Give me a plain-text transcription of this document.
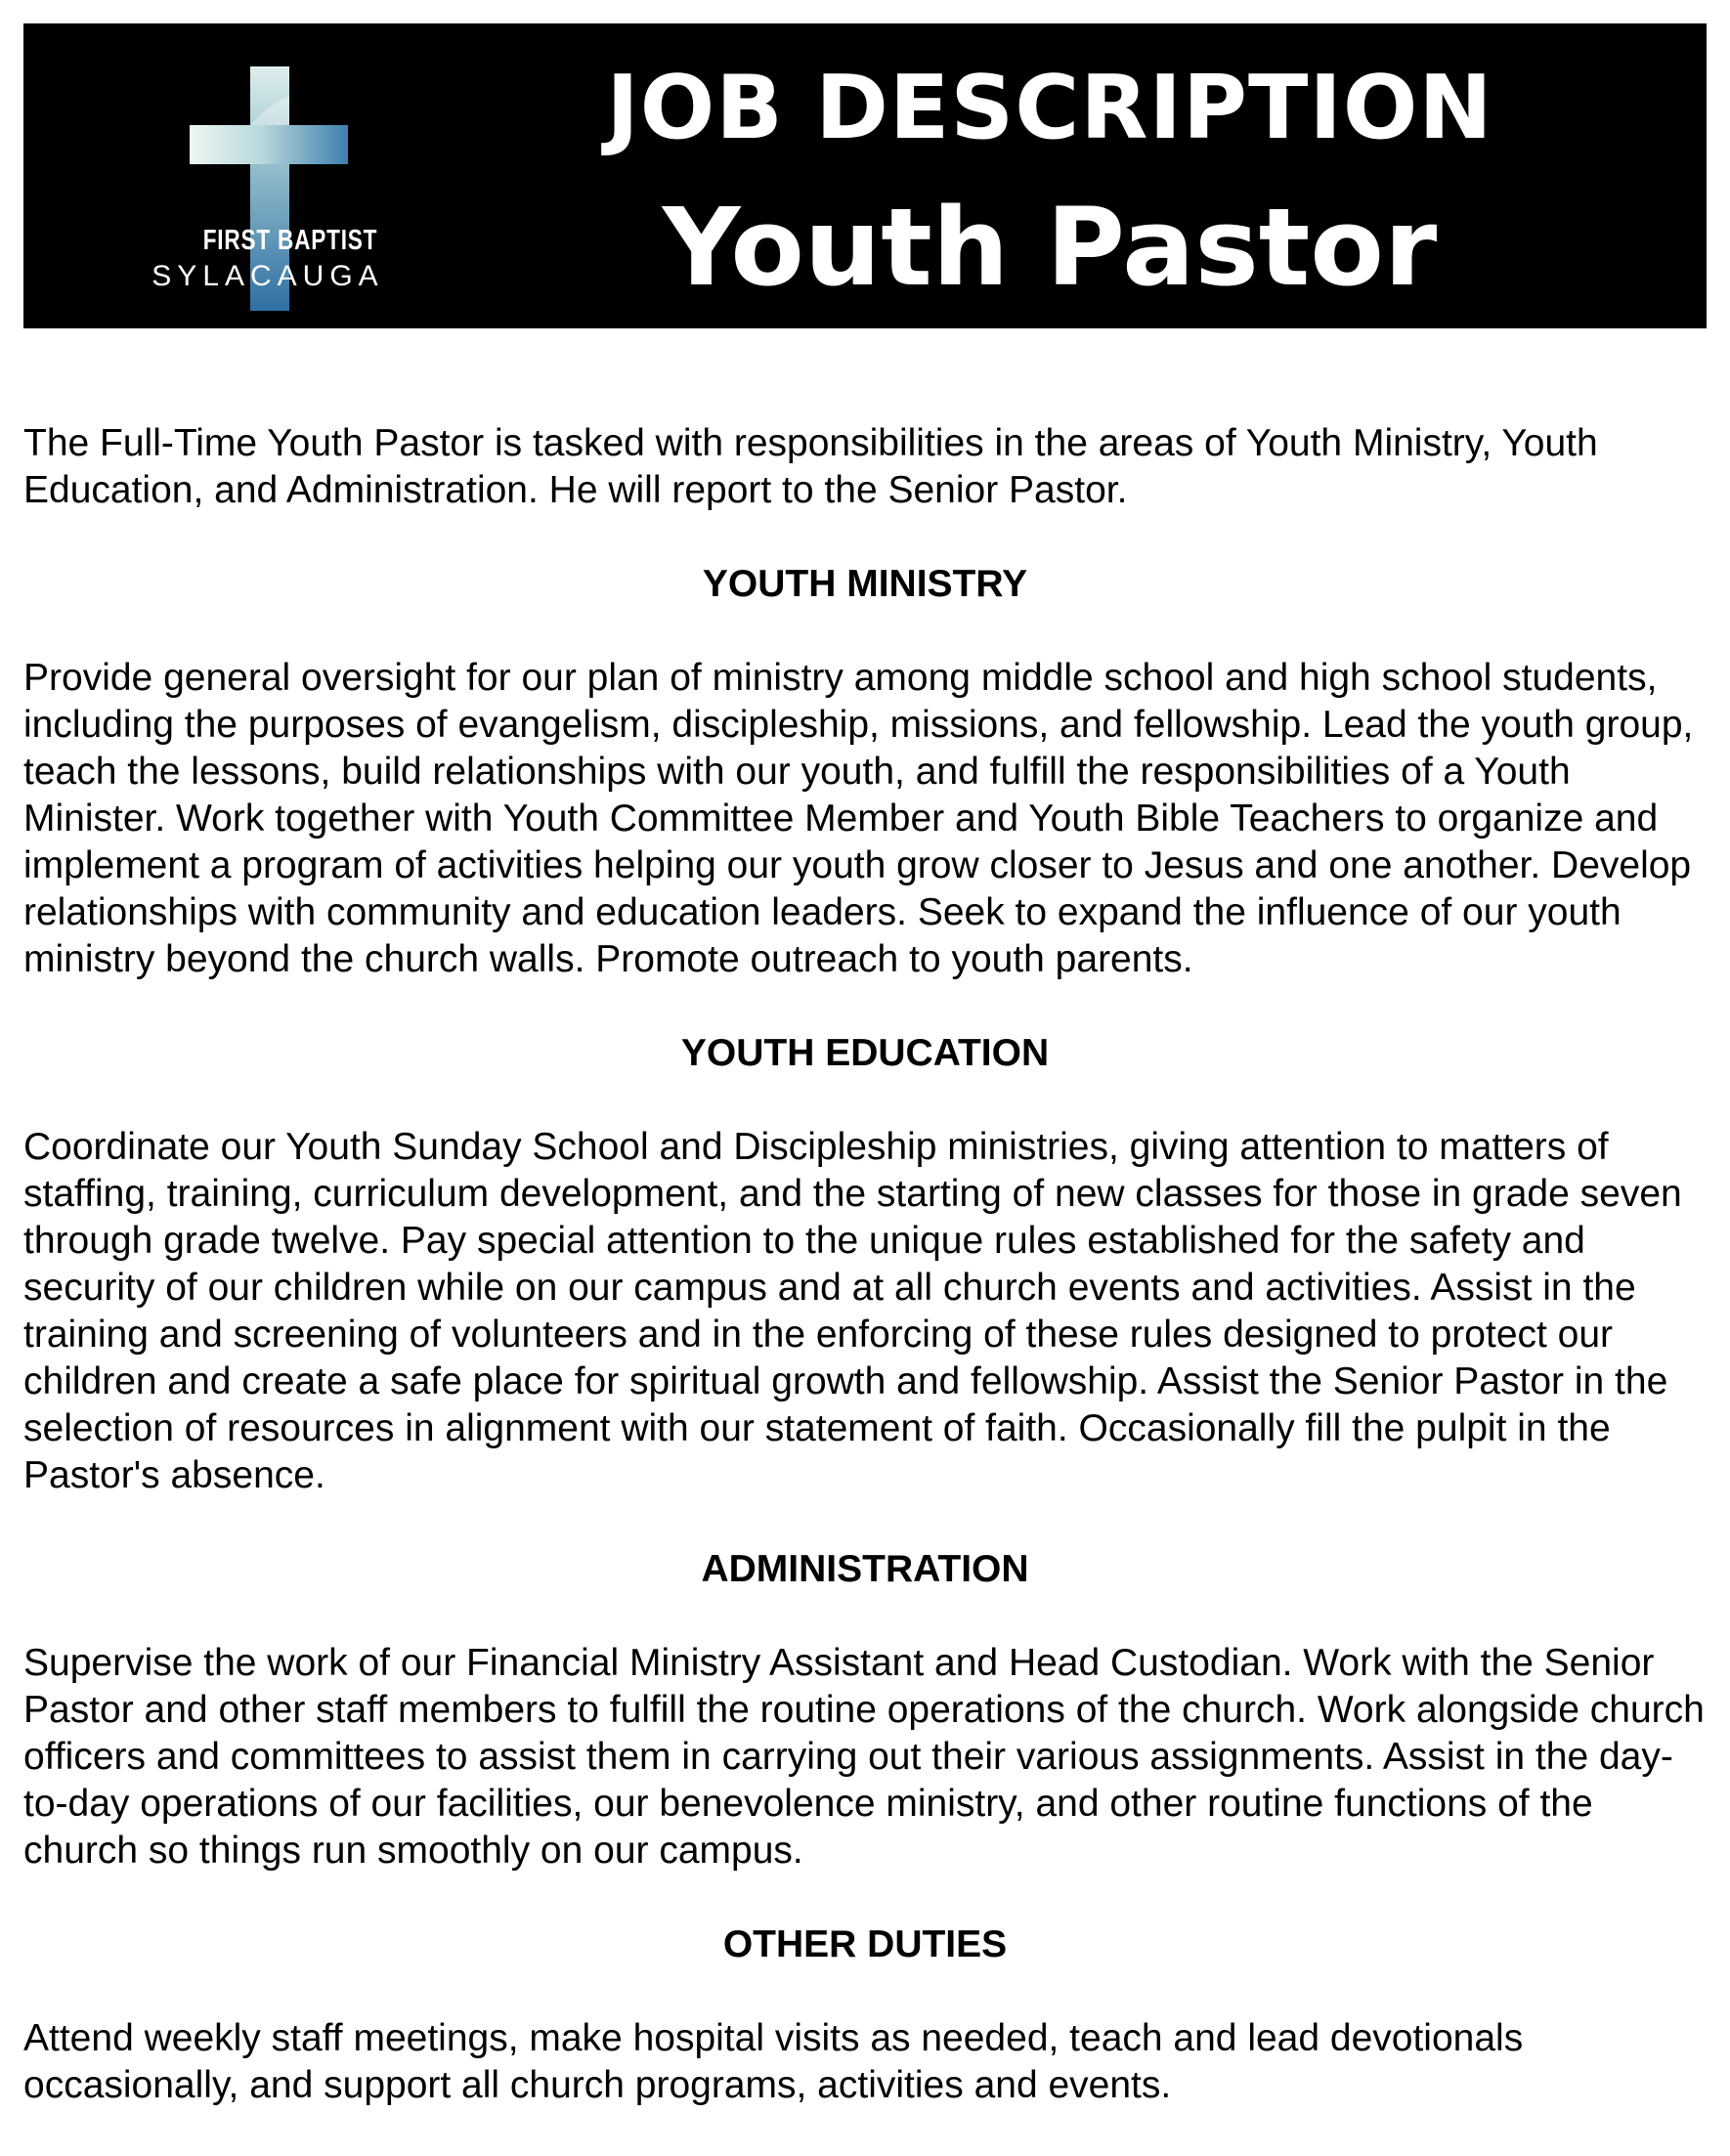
FIRST BAPTIST
SYLACAUGA
JOB DESCRIPTION
Youth Pastor

The Full-Time Youth Pastor is tasked with responsibilities in the areas of Youth Ministry, Youth Education, and Administration. He will report to the Senior Pastor.

YOUTH MINISTRY

Provide general oversight for our plan of ministry among middle school and high school students, including the purposes of evangelism, discipleship, missions, and fellowship. Lead the youth group, teach the lessons, build relationships with our youth, and fulfill the responsibilities of a Youth Minister. Work together with Youth Committee Member and Youth Bible Teachers to organize and implement a program of activities helping our youth grow closer to Jesus and one another. Develop relationships with community and education leaders. Seek to expand the influence of our youth ministry beyond the church walls. Promote outreach to youth parents.

YOUTH EDUCATION

Coordinate our Youth Sunday School and Discipleship ministries, giving attention to matters of staffing, training, curriculum development, and the starting of new classes for those in grade seven through grade twelve. Pay special attention to the unique rules established for the safety and security of our children while on our campus and at all church events and activities. Assist in the training and screening of volunteers and in the enforcing of these rules designed to protect our children and create a safe place for spiritual growth and fellowship. Assist the Senior Pastor in the selection of resources in alignment with our statement of faith. Occasionally fill the pulpit in the Pastor's absence.

ADMINISTRATION

Supervise the work of our Financial Ministry Assistant and Head Custodian. Work with the Senior Pastor and other staff members to fulfill the routine operations of the church. Work alongside church officers and committees to assist them in carrying out their various assignments. Assist in the day-to-day operations of our facilities, our benevolence ministry, and other routine functions of the church so things run smoothly on our campus.

OTHER DUTIES

Attend weekly staff meetings, make hospital visits as needed, teach and lead devotionals occasionally, and support all church programs, activities and events.
